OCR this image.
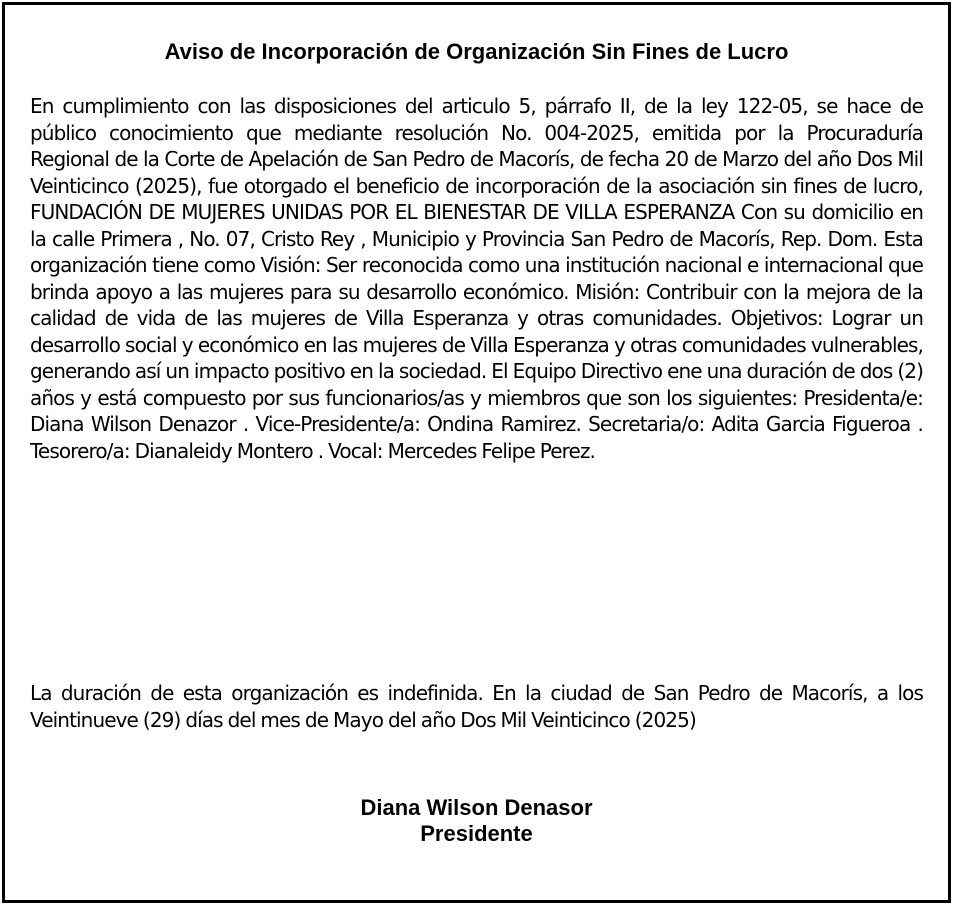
Aviso de Incorporación de Organización Sin Fines de Lucro

En cumplimiento con las disposiciones del articulo 5, párrafo II, de la ley 122-05, se hace de público conocimiento que mediante resolución No. 004-2025, emitida por la Procuraduría Regional de la Corte de Apelación de San Pedro de Macorís, de fecha 20 de Marzo del año Dos Mil Veinticinco (2025), fue otorgado el beneficio de incorporación de la asociación sin fines de lucro, FUNDACIÓN DE MUJERES UNIDAS POR EL BIENESTAR DE VILLA ESPERANZA Con su domicilio en la calle Primera , No. 07, Cristo Rey , Municipio y Provincia San Pedro de Macorís, Rep. Dom. Esta organización tiene como Visión: Ser reconocida como una institución nacional e internacional que brinda apoyo a las mujeres para su desarrollo económico. Misión: Contribuir con la mejora de la calidad de vida de las mujeres de Villa Esperanza y otras comunidades. Objetivos: Lograr un desarrollo social y económico en las mujeres de Villa Esperanza y otras comunidades vulnerables, generando así un impacto positivo en la sociedad. El Equipo Directivo ene una duración de dos (2) años y está compuesto por sus funcionarios/as y miembros que son los siguientes: Presidenta/e: Diana Wilson Denazor . Vice-Presidente/a: Ondina Ramirez. Secretaria/o: Adita Garcia Figueroa . Tesorero/a: Dianaleidy Montero . Vocal: Mercedes Felipe Perez.

La duración de esta organización es indefinida. En la ciudad de San Pedro de Macorís, a los Veintinueve (29) días del mes de Mayo del año Dos Mil Veinticinco (2025)

Diana Wilson Denasor
Presidente
